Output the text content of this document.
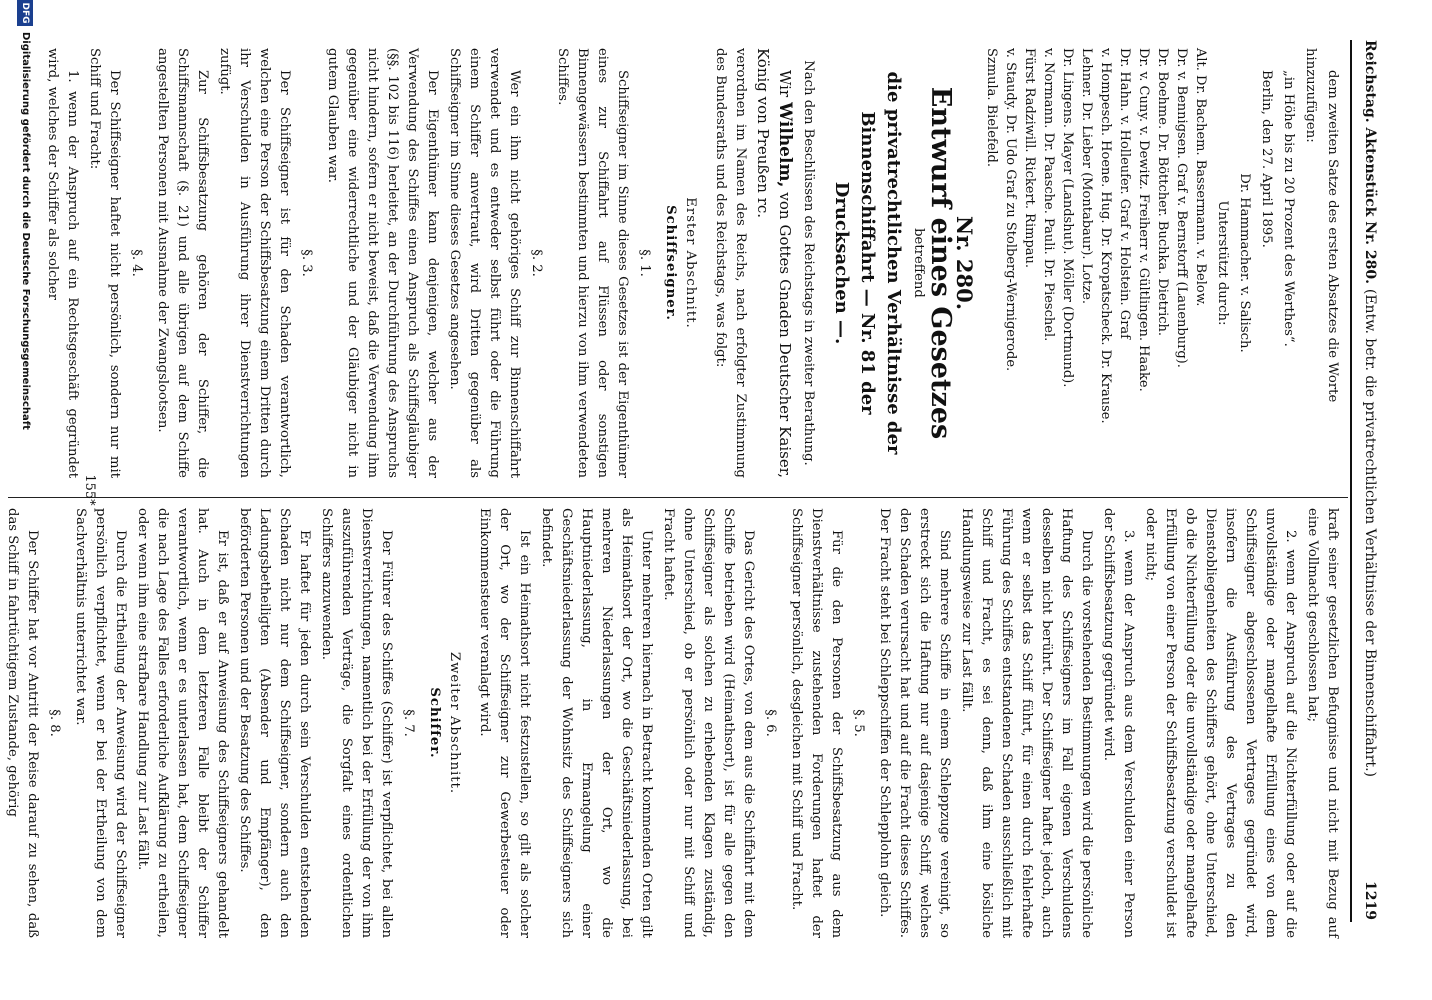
Reichstag. Aktenstück Nr. 280. (Entw. betr. die privatrechtlichen Verhältnisse der Binnenschiffahrt.)
1219

dem zweiten Satze des ersten Absatzes die Worte

hinzuzufügen:

„in Höhe bis zu 20 Prozent des Werthes“.

Berlin, den 27. April 1895.

Dr. Hammacher. v. Salisch.

Unterstützt durch:

Alt. Dr. Bachem. Bassermann. v. Below.

Dr. v. Bennigsen. Graf v. Bernstorff (Lauenburg).

Dr. Boehme. Dr. Böttcher. Buchka. Dietrich.

Dr. v. Cuny. v. Dewitz. Freiherr v. Gültlingen. Haake.

Dr. Hahn. v. Holleufer. Graf v. Holstein. Graf

v. Hompesch. Hoene. Hug. Dr. Kropatscheck. Dr. Krause.

Lehner. Dr. Lieber (Montabaur). Lotze.

Dr. Lingens. Mayer (Landshut). Möller (Dortmund).

v. Normann. Dr. Paasche. Pauli. Dr. Pieschel.

Fürst Radziwill. Rickert. Rimpau.

v. Staudy. Dr. Udo Graf zu Stolberg-Wernigerode.

Szmula. Bielefeld.

Nr. 280.
Entwurf eines Gesetzes
betreffend
die privatrechtlichen Verhältnisse der Binnenschiffahrt — Nr. 81 der Drucksachen —.

Nach den Beschlüssen des Reichstags in zweiter Berathung.

Wir Wilhelm, von Gottes Gnaden Deutscher Kaiser, König von Preußen rc.

verordnen im Namen des Reichs, nach erfolgter Zustimmung des Bundesraths und des Reichstags, was folgt:

Erster Abschnitt.
Schiffseigner.
§. 1.

Schiffseigner im Sinne dieses Gesetzes ist der Eigenthümer eines zur Schiffahrt auf Flüssen oder sonstigen Binnengewässern bestimmten und hierzu von ihm verwendeten Schiffes.

§. 2.

Wer ein ihm nicht gehöriges Schiff zur Binnenschiffahrt verwendet und es entweder selbst führt oder die Führung einem Schiffer anvertraut, wird Dritten gegenüber als Schiffseigner im Sinne dieses Gesetzes angesehen.

Der Eigenthümer kann denjenigen, welcher aus der Verwendung des Schiffes einen Anspruch als Schiffsgläubiger (§§. 102 bis 116) herleitet, an der Durchführung des Anspruchs nicht hindern, sofern er nicht beweist, daß die Verwendung ihm gegenüber eine widerrechtliche und der Gläubiger nicht in gutem Glauben war.

§. 3.

Der Schiffseigner ist für den Schaden verantwortlich, welchen eine Person der Schiffsbesatzung einem Dritten durch ihr Verschulden in Ausführung ihrer Dienstverrichtungen zufügt.

Zur Schiffsbesatzung gehören der Schiffer, die Schiffsmannschaft (§. 21) und alle übrigen auf dem Schiffe angestellten Personen mit Ausnahme der Zwangslootsen.

§. 4.

Der Schiffseigner haftet nicht persönlich, sondern nur mit Schiff und Fracht:

1. wenn der Anspruch auf ein Rechtsgeschäft gegründet wird, welches der Schiffer als solcher

kraft seiner gesetzlichen Befugnisse und nicht mit Bezug auf eine Vollmacht geschlossen hat;

2. wenn der Anspruch auf die Nichterfüllung oder auf die unvollständige oder mangelhafte Erfüllung eines von dem Schiffseigner abgeschlossenen Vertrages gegründet wird, insofern die Ausführung des Vertrages zu den Dienstobliegenheiten des Schiffers gehört, ohne Unterschied, ob die Nichterfüllung oder die unvollständige oder mangelhafte Erfüllung von einer Person der Schiffsbesatzung verschuldet ist oder nicht;

3. wenn der Anspruch aus dem Verschulden einer Person der Schiffsbesatzung gegründet wird.

Durch die vorstehenden Bestimmungen wird die persönliche Haftung des Schiffseigners im Fall eigenen Verschuldens desselben nicht berührt. Der Schiffseigner haftet jedoch, auch wenn er selbst das Schiff führt, für einen durch fehlerhafte Führung des Schiffes entstandenen Schaden ausschließlich mit Schiff und Fracht, es sei denn, daß ihm eine bösliche Handlungsweise zur Last fällt.

Sind mehrere Schiffe in einem Schleppzuge vereinigt, so erstreckt sich die Haftung nur auf dasjenige Schiff, welches den Schaden verursacht hat und auf die Fracht dieses Schiffes. Der Fracht steht bei Schleppschiffen der Schlepplohn gleich.

§. 5.

Für die den Personen der Schiffsbesatzung aus dem Dienstverhältnisse zustehenden Forderungen haftet der Schiffseigner persönlich, desgleichen mit Schiff und Fracht.

§. 6.

Das Gericht des Ortes, von dem aus die Schiffahrt mit dem Schiffe betrieben wird (Heimathsort), ist für alle gegen den Schiffseigner als solchen zu erhebenden Klagen zuständig, ohne Unterschied, ob er persönlich oder nur mit Schiff und Fracht haftet.

Unter mehreren hiernach in Betracht kommenden Orten gilt als Heimathsort der Ort, wo die Geschäftsniederlassung, bei mehreren Niederlassungen der Ort, wo die Hauptniederlassung, in Ermangelung einer Geschäftsniederlassung der Wohnsitz des Schiffseigners sich befindet.

Ist ein Heimathsort nicht festzustellen, so gilt als solcher der Ort, wo der Schiffseigner zur Gewerbesteuer oder Einkommensteuer veranlagt wird.

Zweiter Abschnitt.
Schiffer.
§. 7.

Der Führer des Schiffes (Schiffer) ist verpflichtet, bei allen Dienstverrichtungen, namentlich bei der Erfüllung der von ihm auszuführenden Verträge, die Sorgfalt eines ordentlichen Schiffers anzuwenden.

Er haftet für jeden durch sein Verschulden entstehenden Schaden nicht nur dem Schiffseigner, sondern auch den Ladungsbetheiligten (Absender und Empfänger), den beförderten Personen und der Besatzung des Schiffes.

Er ist, daß er auf Anweisung des Schiffseigners gehandelt hat. Auch in dem letzteren Falle bleibt der Schiffer verantwortlich, wenn er es unterlassen hat, dem Schiffseigner die nach Lage des Falles erforderliche Aufklärung zu ertheilen, oder wenn ihm eine strafbare Handlung zur Last fällt.

Durch die Ertheilung der Anweisung wird der Schiffseigner persönlich verpflichtet, wenn er bei der Ertheilung von dem Sachverhältnis unterrichtet war.

§. 8.

Der Schiffer hat vor Antritt der Reise darauf zu sehen, daß das Schiff in fahrtüchtigem Zustande, gehörig

155*
DFG
Digitalisierung gefördert durch die Deutsche Forschungsgemeinschaft
